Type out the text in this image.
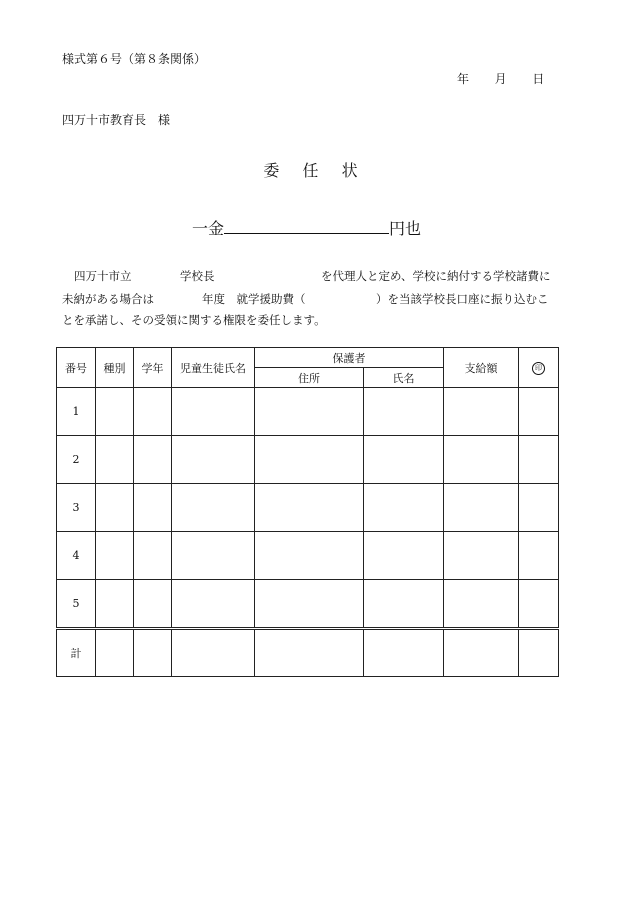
様式第６号（第８条関係）
年 月 日
四万十市教育長　様
委 任 状
一金	円也
四万十市立	学校長	を代理人と定め、学校に納付する学校諸費に
未納がある場合は	年度　就学援助費（	）を当該学校長口座に振り込むこ
とを承諾し、その受領に関する権限を委任します。
番号	種別	学年	児童生徒氏名	保護者		支給額	印
				住所	氏名		
1							
2							
3							
4							
5							
計							
